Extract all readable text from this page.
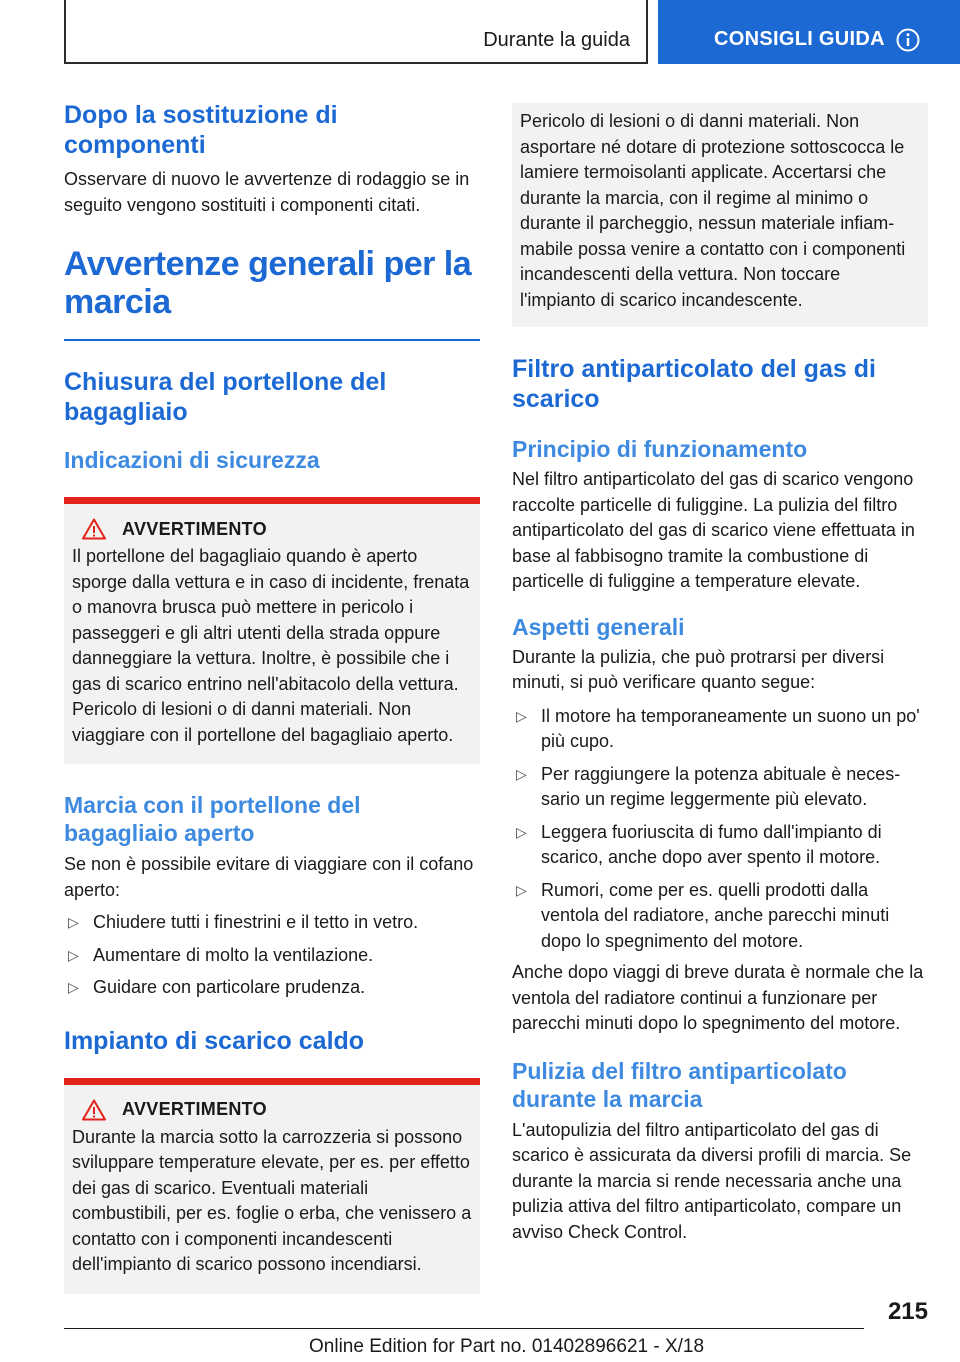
Durante la guida	CONSIGLI GUIDA
Dopo la sostituzione di componenti

Osservare di nuovo le avvertenze di rodaggio se in seguito vengono sostituiti i componenti citati.

Avvertenze generali per la marcia
Chiusura del portellone del bagagliaio
Indicazioni di sicurezza
AVVERTIMENTO

Il portellone del bagagliaio quando è aperto sporge dalla vettura e in caso di incidente, frenata o manovra brusca può mettere in pericolo i passeggeri e gli altri utenti della strada oppure danneggiare la vettura. Inoltre, è possibile che i gas di scarico entrino nell'abitacolo della vettura. Pericolo di lesioni o di danni materiali. Non viaggiare con il portellone del bagagliaio aperto.

Marcia con il portellone del bagagliaio aperto

Se non è possibile evitare di viaggiare con il cofano aperto:

▷ Chiudere tutti i finestrini e il tetto in vetro.
▷ Aumentare di molto la ventilazione.
▷ Guidare con particolare prudenza.
Impianto di scarico caldo
AVVERTIMENTO

Durante la marcia sotto la carrozzeria si possono sviluppare temperature elevate, per es. per effetto dei gas di scarico. Eventuali materiali combustibili, per es. foglie o erba, che venissero a contatto con i componenti incandescenti dell'impianto di scarico possono incendiarsi.

Pericolo di lesioni o di danni materiali. Non asportare né dotare di protezione sottoscocca le lamiere termoisolanti applicate. Accertarsi che durante la marcia, con il regime al minimo o durante il parcheggio, nessun materiale infiammabile possa venire a contatto con i componenti incandescenti della vettura. Non toccare l'impianto di scarico incandescente.

Filtro antiparticolato del gas di scarico
Principio di funzionamento

Nel filtro antiparticolato del gas di scarico vengono raccolte particelle di fuliggine. La pulizia del filtro antiparticolato del gas di scarico viene effettuata in base al fabbisogno tramite la combustione di particelle di fuliggine a temperature elevate.

Aspetti generali

Durante la pulizia, che può protrarsi per diversi minuti, si può verificare quanto segue:

▷ Il motore ha temporaneamente un suono un po' più cupo.
▷ Per raggiungere la potenza abituale è necessario un regime leggermente più elevato.
▷ Leggera fuoriuscita di fumo dall'impianto di scarico, anche dopo aver spento il motore.
▷ Rumori, come per es. quelli prodotti dalla ventola del radiatore, anche parecchi minuti dopo lo spegnimento del motore.

Anche dopo viaggi di breve durata è normale che la ventola del radiatore continui a funzionare per parecchi minuti dopo lo spegnimento del motore.

Pulizia del filtro antiparticolato durante la marcia

L'autopulizia del filtro antiparticolato del gas di scarico è assicurata da diversi profili di marcia. Se durante la marcia si rende necessaria anche una pulizia attiva del filtro antiparticolato, compare un avviso Check Control.

215
Online Edition for Part no. 01402896621 - X/18
